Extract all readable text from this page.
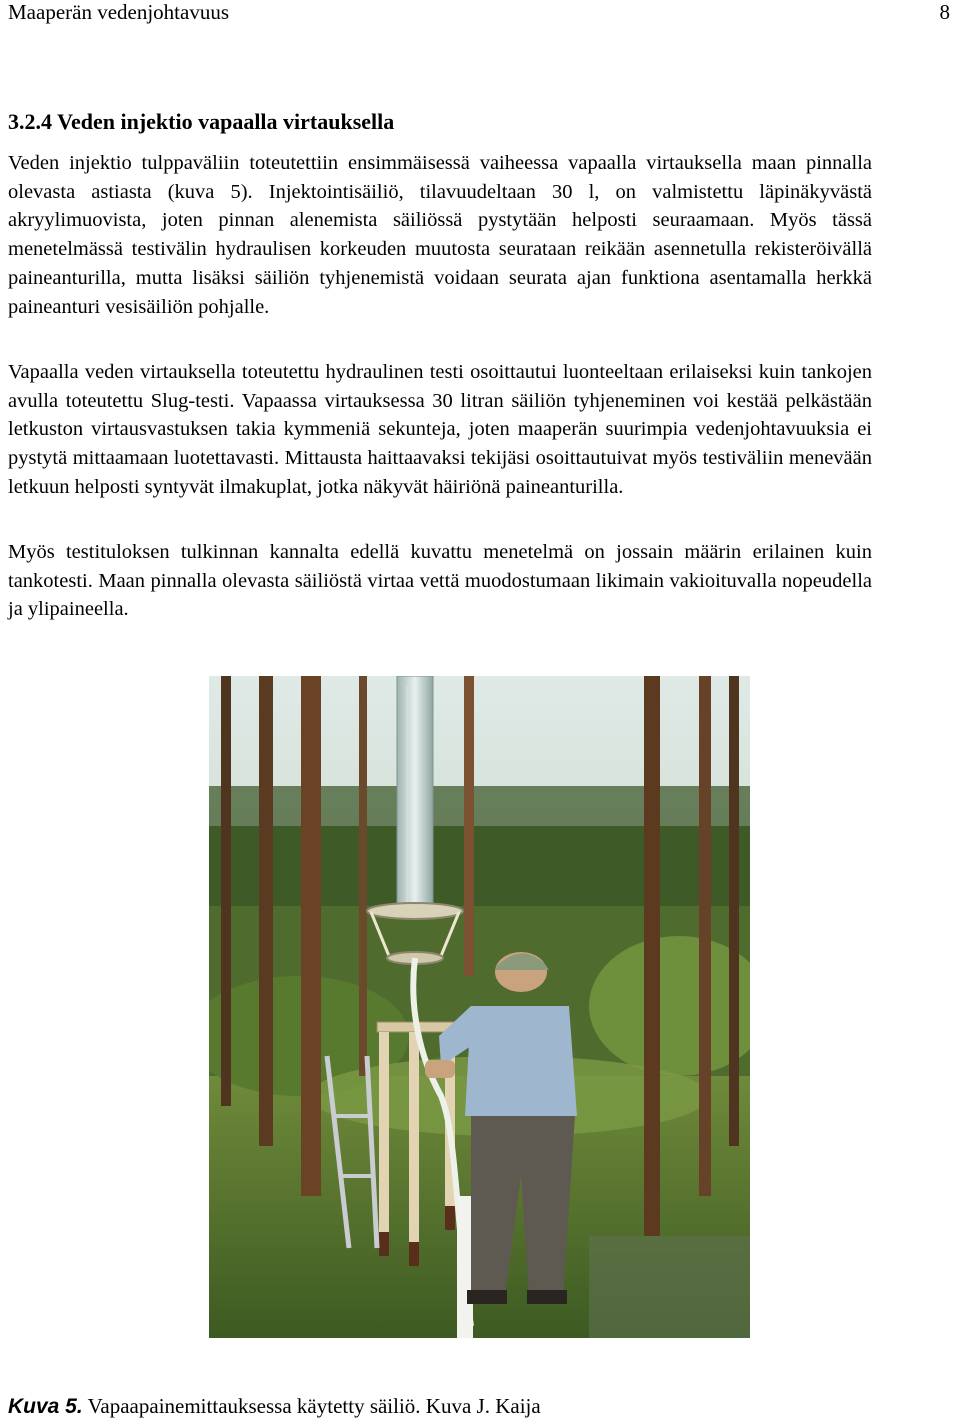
Maaperän vedenjohtavuus	8
3.2.4 Veden injektio vapaalla virtauksella

Veden injektio tulppaväliin toteutettiin ensimmäisessä vaiheessa vapaalla virtauksella maan pinnalla olevasta astiasta (kuva 5). Injektointisäiliö, tilavuudeltaan 30 l, on valmistettu läpinäkyvästä akryylimuovista, joten pinnan alenemista säiliössä pystytään helposti seuraamaan. Myös tässä menetelmässä testivälin hydraulisen korkeuden muutosta seurataan reikään asennetulla rekisteröivällä paineanturilla, mutta lisäksi säiliön tyhjenemistä voidaan seurata ajan funktiona asentamalla herkkä paineanturi vesisäiliön pohjalle.

Vapaalla veden virtauksella toteutettu hydraulinen testi osoittautui luonteeltaan erilaiseksi kuin tankojen avulla toteutettu Slug-testi. Vapaassa virtauksessa 30 litran säiliön tyhjeneminen voi kestää pelkästään letkuston virtausvastuksen takia kymmeniä sekunteja, joten maaperän suurimpia vedenjohtavuuksia ei pystytä mittaamaan luotettavasti. Mittausta haittaavaksi tekijäsi osoittautuivat myös testiväliin menevään letkuun helposti syntyvät ilmakuplat, jotka näkyvät häiriönä paineanturilla.

Myös testituloksen tulkinnan kannalta edellä kuvattu menetelmä on jossain määrin erilainen kuin tankotesti. Maan pinnalla olevasta säiliöstä virtaa vettä muodostumaan likimain vakioituvalla nopeudella ja ylipaineella.

Kuva 5. Vapaapainemittauksessa käytetty säiliö. Kuva J. Kaija
